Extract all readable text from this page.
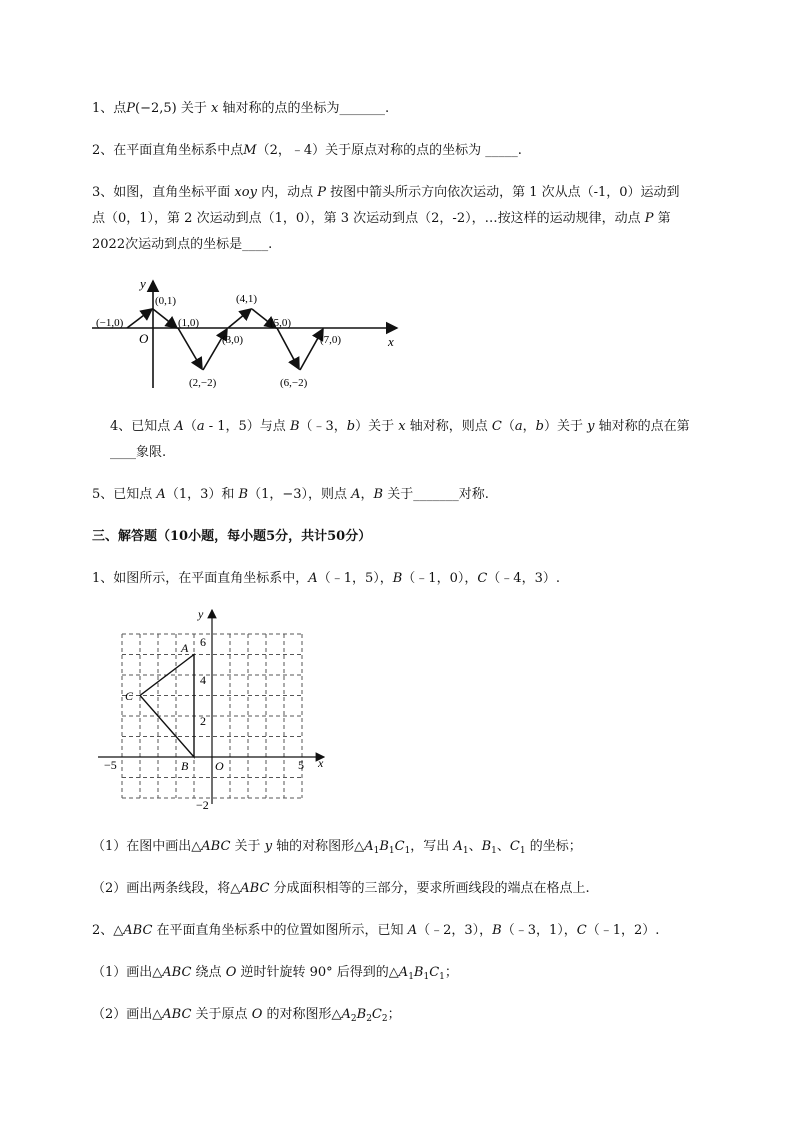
1、点P(−2,5) 关于 x 轴对称的点的坐标为_______.
2、在平面直角坐标系中点M（2，﹣4）关于原点对称的点的坐标为 _____.
3、如图，直角坐标平面 xoy 内，动点 P 按图中箭头所示方向依次运动，第 1 次从点（-1，0）运动到
点（0，1），第 2 次运动到点（1，0），第 3 次运动到点（2，-2），…按这样的运动规律，动点 P 第
2022次运动到点的坐标是____.
x
y
O
(0,1)
(−1,0)	(1,0)
(4,1)
(3,0)
(5,0)
(7,0)
(2,−2)	(6,−2)
4、已知点 A（a - 1，5）与点 B（﹣3，b）关于 x 轴对称，则点 C（a，b）关于 y 轴对称的点在第
____象限.
5、已知点 A（1，3）和 B（1，−3），则点 A，B 关于_______对称.
三、解答题（10小题，每小题5分，共计50分）
1、如图所示，在平面直角坐标系中，A（﹣1，5），B（﹣1，0），C（﹣4，3）.
y
x
O
6
4
2
−2
−5	5
A
B
C
（1）在图中画出△ABC 关于 y 轴的对称图形$\triangle A_1B_1C_1$，写出 $A_1$、$B_1$、$C_1$ 的坐标；
（2）画出两条线段，将△ABC 分成面积相等的三部分，要求所画线段的端点在格点上.
2、△ABC 在平面直角坐标系中的位置如图所示，已知 A（﹣2，3），B（﹣3，1），C（﹣1，2）.
（1）画出△ABC 绕点 O 逆时针旋转 90° 后得到的$\triangle A_1B_1C_1$；
（2）画出△ABC 关于原点 O 的对称图形$\triangle A_2B_2C_2$；
